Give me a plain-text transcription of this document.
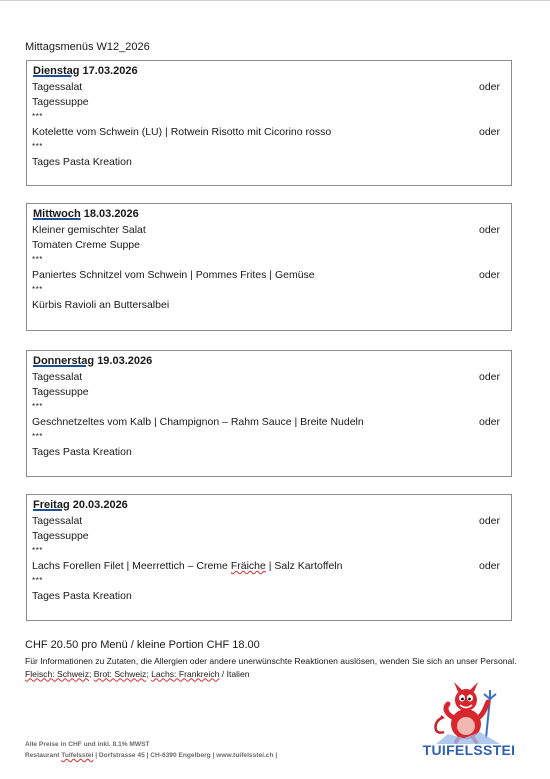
Mittagsmenüs W12_2026
Dienstag 17.03.2026
Tagessalat	oder
Tagessuppe
***
Kotelette vom Schwein (LU) | Rotwein Risotto mit Cicorino rosso	oder
***
Tages Pasta Kreation
Mittwoch 18.03.2026
Kleiner gemischter Salat	oder
Tomaten Creme Suppe
***
Paniertes Schnitzel vom Schwein | Pommes Frites | Gemüse	oder
***
Kürbis Ravioli an Buttersalbei
Donnerstag 19.03.2026
Tagessalat	oder
Tagessuppe
***
Geschnetzeltes vom Kalb | Champignon – Rahm Sauce | Breite Nudeln	oder
***
Tages Pasta Kreation
Freitag 20.03.2026
Tagessalat	oder
Tagessuppe
***
Lachs Forellen Filet | Meerrettich – Creme Fräiche | Salz Kartoffeln	oder
***
Tages Pasta Kreation
CHF 20.50 pro Menü / kleine Portion CHF 18.00
Für Informationen zu Zutaten, die Allergien oder andere unerwünschte Reaktionen auslösen, wenden Sie sich an unser Personal. Fleisch: Schweiz; Brot: Schweiz; Lachs: Frankreich / Italien
Alle Preise in CHF und inkl. 8.1% MWST
Restaurant Tuifelsstei | Dorfstrasse 45 | CH-6390 Engelberg | www.tuifelsstei.ch |	TUIFELSSTEI
